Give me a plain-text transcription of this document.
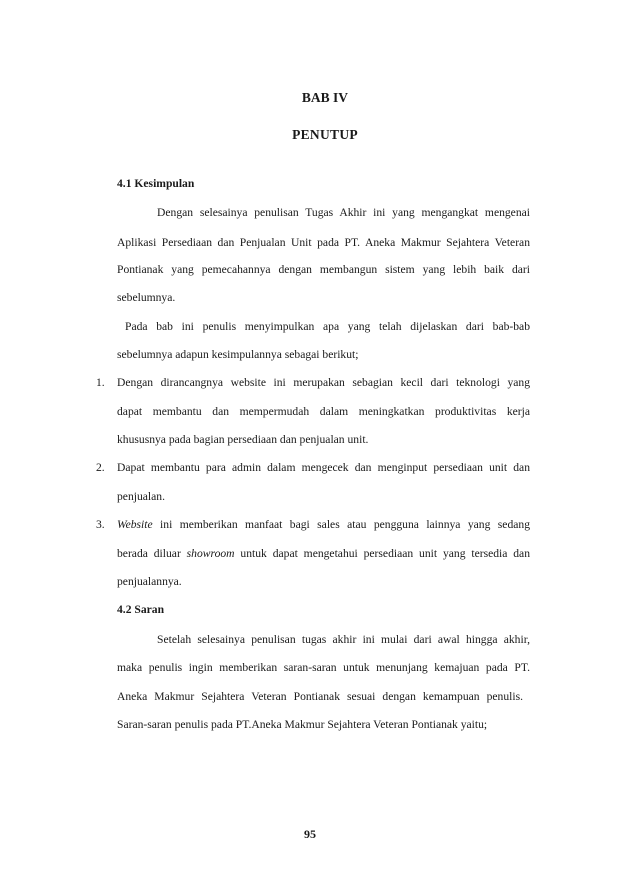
BAB IV
PENUTUP
4.1 Kesimpulan
Dengan selesainya penulisan Tugas Akhir ini yang mengangkat mengenai
Aplikasi Persediaan dan Penjualan Unit pada PT. Aneka Makmur Sejahtera Veteran
Pontianak yang pemecahannya dengan membangun sistem yang lebih baik dari
sebelumnya.
Pada bab ini penulis menyimpulkan apa yang telah dijelaskan dari bab-bab
sebelumnya adapun kesimpulannya sebagai berikut;
1. Dengan dirancangnya website ini merupakan sebagian kecil dari teknologi yang
dapat membantu dan mempermudah dalam meningkatkan produktivitas kerja
khususnya pada bagian persediaan dan penjualan unit.
2. Dapat membantu para admin dalam mengecek dan menginput persediaan unit dan
penjualan.
3. Website ini memberikan manfaat bagi sales atau pengguna lainnya yang sedang
berada diluar showroom untuk dapat mengetahui persediaan unit yang tersedia dan
penjualannya.
4.2 Saran
Setelah selesainya penulisan tugas akhir ini mulai dari awal hingga akhir,
maka penulis ingin memberikan saran-saran untuk menunjang kemajuan pada PT.
Aneka Makmur Sejahtera Veteran Pontianak sesuai dengan kemampuan penulis.
Saran-saran penulis pada PT.Aneka Makmur Sejahtera Veteran Pontianak yaitu;
95
